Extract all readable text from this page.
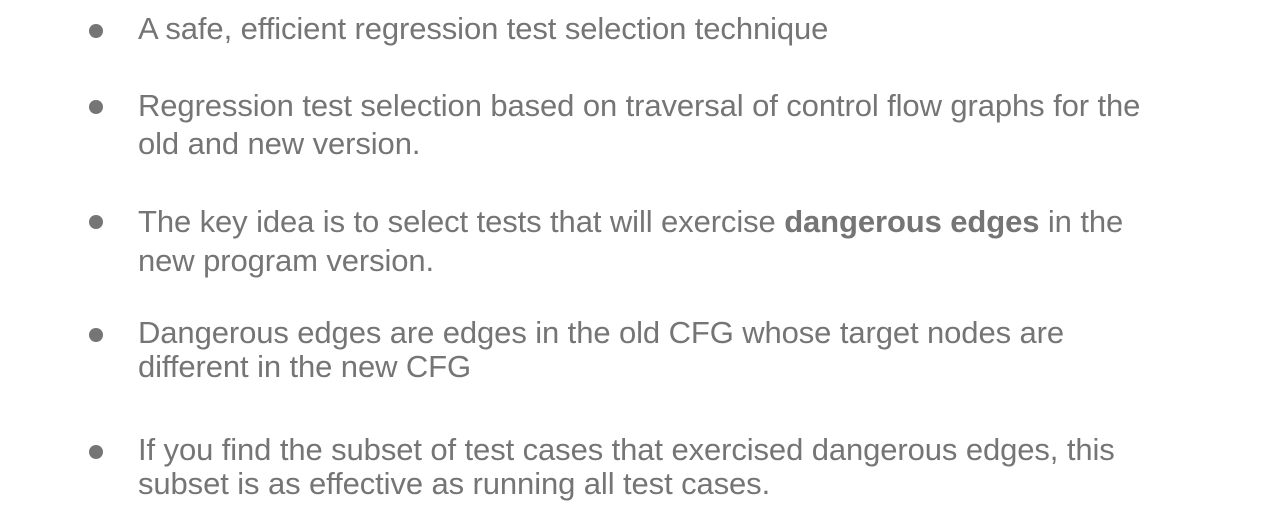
A safe, efficient regression test selection technique
Regression test selection based on traversal of control flow graphs for the
old and new version.
The key idea is to select tests that will exercise dangerous edges in the
new program version.
Dangerous edges are edges in the old CFG whose target nodes are
different in the new CFG
If you find the subset of test cases that exercised dangerous edges, this
subset is as effective as running all test cases.
